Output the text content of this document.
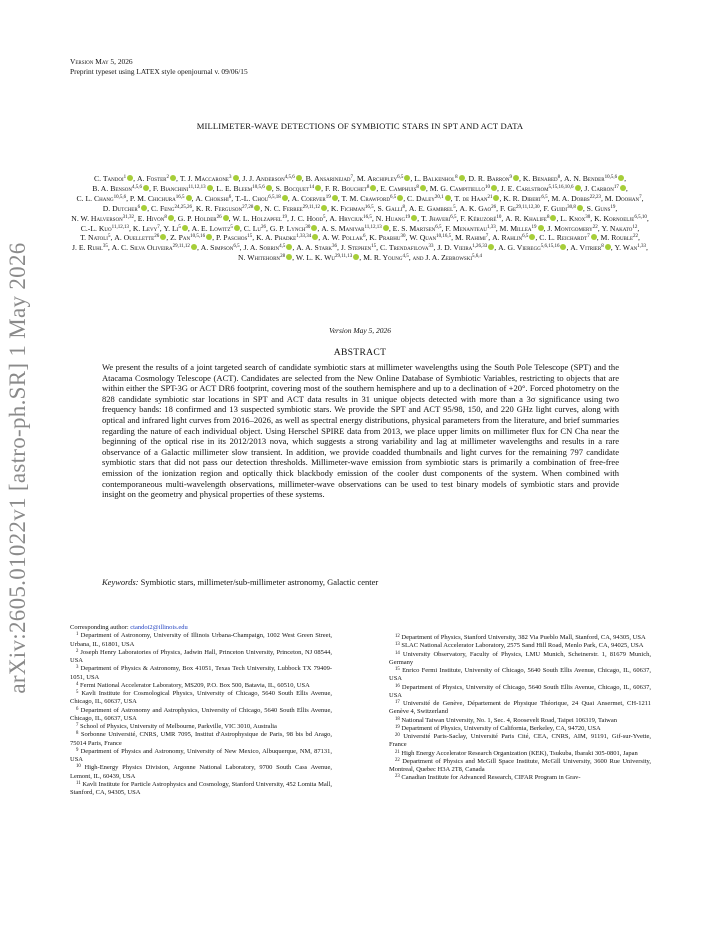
arXiv:2605.01022v1 [astro-ph.SR] 1 May 2026
Version May 5, 2026
Preprint typeset using LATEX style openjournal v. 09/06/15
MILLIMETER-WAVE DETECTIONS OF SYMBIOTIC STARS IN SPT AND ACT DATA
C. Tandoi$^1$ , A. Foster$^2$ , T. J. Maccarone$^3$ , J. J. Anderson$^{4,5,6}$ , B. Ansarinejad$^7$, M. Archipley$^{6,5}$ , L. Balkenhol$^8$ , D. R. Barron$^9$ , K. Benabed$^8$, A. N. Bender$^{10,5,6}$ , B. A. Benson$^{4,5,6}$ , F. Bianchini$^{11,12,13}$ , L. E. Bleem$^{10,5,6}$ , S. Bocquet$^{14}$ , F. R. Bouchet$^8$ , E. Camphuis$^8$ , M. G. Campitiello$^{10}$ , J. E. Carlstrom$^{5,15,16,10,6}$ , J. Carron$^{17}$ , C. L. Chang$^{10,5,6}$, P. M. Chichura$^{16,5}$ , A. Chokshi$^6$, T.-L. Chou$^{6,5,18}$ , A. Coerver$^{19}$ , T. M. Crawford$^{6,5}$ , C. Daley$^{20,1}$ , T. de Haan$^{21}$ , K. R. Dibert$^{6,5}$, M. A. Dobbs$^{22,23}$, M. Doohan$^7$, D. Dutcher$^6$ , C. Feng$^{24,25,26}$, K. R. Ferguson$^{27,28}$ , N. C. Ferree$^{29,11,12}$ , K. Fichman$^{16,5}$, S. Galli$^8$, A. E. Gambrel$^5$, A. K. Gao$^{26}$, F. Ge$^{29,11,12,30}$, F. Guidi$^{30,8}$ , S. Guns$^{19}$, N. W. Halverson$^{31,32}$, E. Hivon$^8$ , G. P. Holder$^{26}$ , W. L. Holzapfel$^{19}$, J. C. Hood$^5$, A. Hryciuk$^{16,5}$, N. Huang$^{19}$ , T. Jhaveri$^{6,5}$, F. Kéruzoré$^{10}$, A. R. Khalife$^8$ , L. Knox$^{30}$, K. Kornoelje$^{6,5,10}$, C.-L. Kuo$^{11,12,13}$, K. Levy$^7$, Y. Li$^5$ , A. E. Lowitz$^5$ , C. Lu$^{26}$, G. P. Lynch$^{30}$ , A. S. Maniyar$^{11,12,13}$ , E. S. Martsen$^{6,5}$, F. Menanteau$^{1,33}$, M. Millea$^{19}$ , J. Montgomery$^{22}$, Y. Nakato$^{12}$, T. Natoli$^5$, A. Ouellette$^{26}$ , Z. Pan$^{10,5,16}$ , P. Paschos$^{15}$, K. A. Phadke$^{1,33,34}$ , A. W. Pollak$^6$, K. Prabhu$^{30}$, W. Quan$^{10,16,5}$, M. Rahimi$^7$, A. Rahlin$^{6,5}$ , C. L. Reichardt$^7$ , M. Rouble$^{22}$, J. E. Ruhl$^{35}$, A. C. Silva Oliveira$^{29,11,12}$ , A. Simpson$^{6,5}$, J. A. Sobrin$^{4,5}$ , A. A. Stark$^{36}$, J. Stephen$^{15}$, C. Trendafilova$^{33}$, J. D. Vieira$^{1,26,33}$ , A. G. Vieregg$^{5,6,15,16}$ , A. Vitrier$^8$ , Y. Wan$^{1,33}$, N. Whitehorn$^{28}$ , W. L. K. Wu$^{29,11,13}$ , M. R. Young$^{4,5}$, and J. A. Zebrowski$^{5,6,4}$
Version May 5, 2026
ABSTRACT
We present the results of a joint targeted search of candidate symbiotic stars at millimeter wavelengths using the South Pole Telescope (SPT) and the Atacama Cosmology Telescope (ACT). Candidates are selected from the New Online Database of Symbiotic Variables, restricting to objects that are within either the SPT-3G or ACT DR6 footprint, covering most of the southern hemisphere and up to a declination of +20°. Forced photometry on the 828 candidate symbiotic star locations in SPT and ACT data results in 31 unique objects detected with more than a 3σ significance using two frequency bands: 18 confirmed and 13 suspected symbiotic stars. We provide the SPT and ACT 95/98, 150, and 220 GHz light curves, along with optical and infrared light curves from 2016–2026, as well as spectral energy distributions, physical parameters from the literature, and brief summaries regarding the nature of each individual object. Using Herschel SPIRE data from 2013, we place upper limits on millimeter flux for CN Cha near the beginning of the optical rise in its 2012/2013 nova, which suggests a strong variability and lag at millimeter wavelengths and results in a rare observance of a Galactic millimeter slow transient. In addition, we provide coadded thumbnails and light curves for the remaining 797 candidate symbiotic stars that did not pass our detection thresholds. Millimeter-wave emission from symbiotic stars is primarily a combination of free-free emission of the ionization region and optically thick blackbody emission of the cooler dust components of the system. When combined with contemporaneous multi-wavelength observations, millimeter-wave observations can be used to test binary models of symbiotic stars and provide insight on the geometry and physical properties of these systems.
Keywords: Symbiotic stars, millimeter/sub-millimeter astronomy, Galactic center
Corresponding author: ctandoi2@illinois.edu
$^1$ Department of Astronomy, University of Illinois Urbana-Champaign, 1002 West Green Street, Urbana, IL, 61801, USA
$^2$ Joseph Henry Laboratories of Physics, Jadwin Hall, Princeton University, Princeton, NJ 08544, USA
$^3$ Department of Physics & Astronomy, Box 41051, Texas Tech University, Lubbock TX 79409-1051, USA
$^4$ Fermi National Accelerator Laboratory, MS209, P.O. Box 500, Batavia, IL, 60510, USA
$^5$ Kavli Institute for Cosmological Physics, University of Chicago, 5640 South Ellis Avenue, Chicago, IL, 60637, USA
$^6$ Department of Astronomy and Astrophysics, University of Chicago, 5640 South Ellis Avenue, Chicago, IL, 60637, USA
$^7$ School of Physics, University of Melbourne, Parkville, VIC 3010, Australia
$^8$ Sorbonne Université, CNRS, UMR 7095, Institut d'Astrophysique de Paris, 98 bis bd Arago, 75014 Paris, France
$^9$ Department of Physics and Astronomy, University of New Mexico, Albuquerque, NM, 87131, USA
$^{10}$ High-Energy Physics Division, Argonne National Laboratory, 9700 South Cass Avenue, Lemont, IL, 60439, USA
$^{11}$ Kavli Institute for Particle Astrophysics and Cosmology, Stanford University, 452 Lomita Mall, Stanford, CA, 94305, USA
$^{12}$ Department of Physics, Stanford University, 382 Via Pueblo Mall, Stanford, CA, 94305, USA
$^{13}$ SLAC National Accelerator Laboratory, 2575 Sand Hill Road, Menlo Park, CA, 94025, USA
$^{14}$ University Observatory, Faculty of Physics, LMU Munich, Scheinerstr. 1, 81679 Munich, Germany
$^{15}$ Enrico Fermi Institute, University of Chicago, 5640 South Ellis Avenue, Chicago, IL, 60637, USA
$^{16}$ Department of Physics, University of Chicago, 5640 South Ellis Avenue, Chicago, IL, 60637, USA
$^{17}$ Université de Genève, Département de Physique Théorique, 24 Quai Ansermet, CH-1211 Genève 4, Switzerland
$^{18}$ National Taiwan University, No. 1, Sec. 4, Roosevelt Road, Taipei 106319, Taiwan
$^{19}$ Department of Physics, University of California, Berkeley, CA, 94720, USA
$^{20}$ Université Paris-Saclay, Université Paris Cité, CEA, CNRS, AIM, 91191, Gif-sur-Yvette, France
$^{21}$ High Energy Accelerator Research Organization (KEK), Tsukuba, Ibaraki 305-0801, Japan
$^{22}$ Department of Physics and McGill Space Institute, McGill University, 3600 Rue University, Montreal, Quebec H3A 2T8, Canada
$^{23}$ Canadian Institute for Advanced Research, CIFAR Program in Grav-
